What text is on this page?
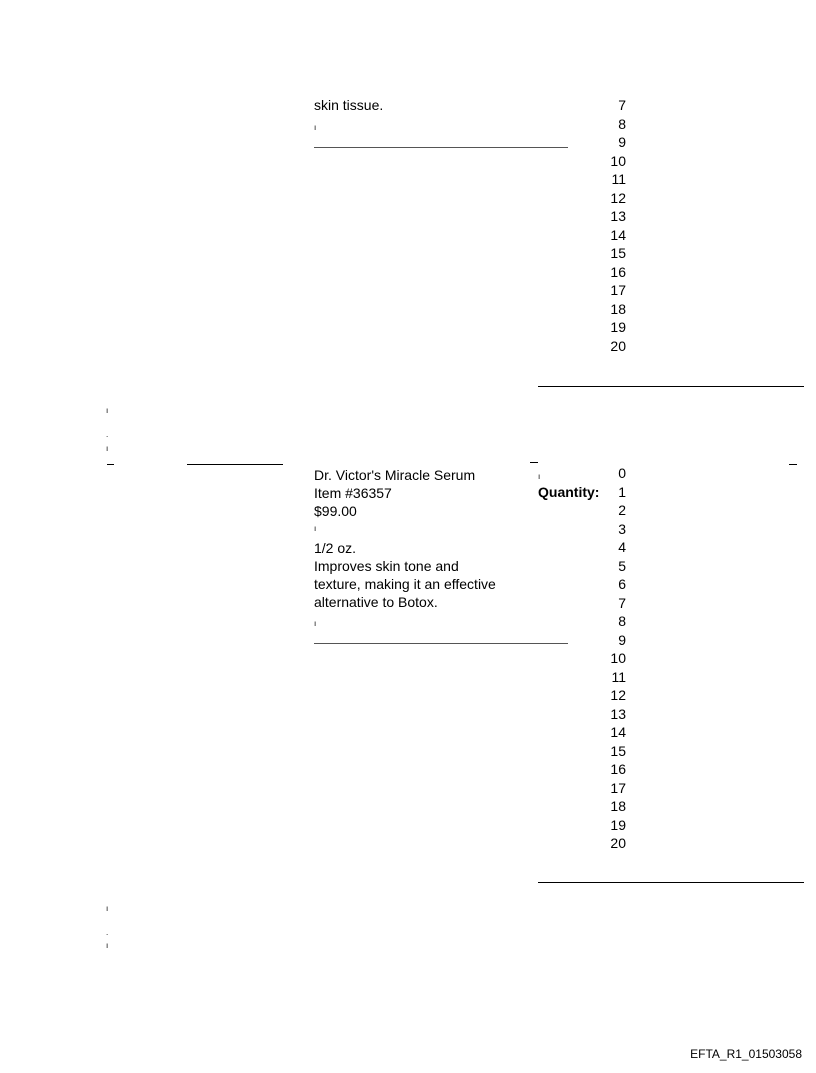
skin tissue.
ı
7
8
9
10
11
12
13
14
15
16
17
18
19
20
ı
.
ı
Dr. Victor's Miracle Serum
Item #36357
$99.00
ı
1/2 oz.
Improves skin tone and
texture, making it an effective
alternative to Botox.
ı
ı
Quantity:
0
1
2
3
4
5
6
7
8
9
10
11
12
13
14
15
16
17
18
19
20
ı
.
ı
EFTA_R1_01503058
